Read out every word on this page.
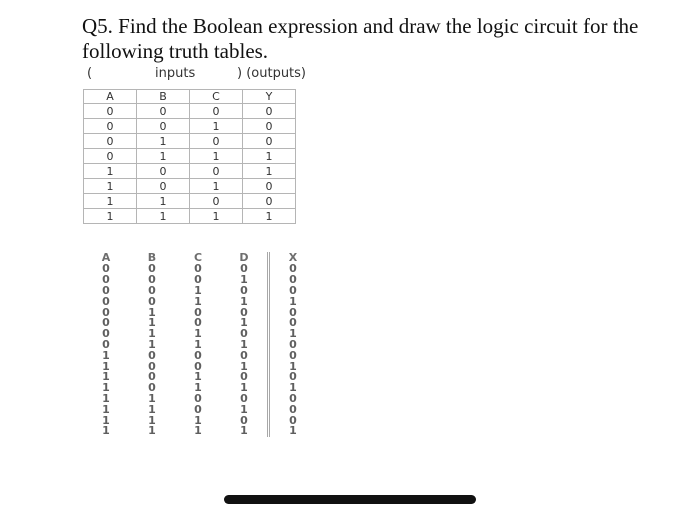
Q5. Find the Boolean expression and draw the logic circuit for the following truth tables.
(	inputs	) (outputs)
A	B	C	Y
0	0	0	0
0	0	1	0
0	1	0	0
0	1	1	1
1	0	0	1
1	0	1	0
1	1	0	0
1	1	1	1
A	B	C	D	X
0	0	0	0	0
0	0	0	1	0
0	0	1	0	0
0	0	1	1	1
0	1	0	0	0
0	1	0	1	0
0	1	1	0	1
0	1	1	1	0
1	0	0	0	0
1	0	0	1	1
1	0	1	0	0
1	0	1	1	1
1	1	0	0	0
1	1	0	1	0
1	1	1	0	0
1	1	1	1	1
